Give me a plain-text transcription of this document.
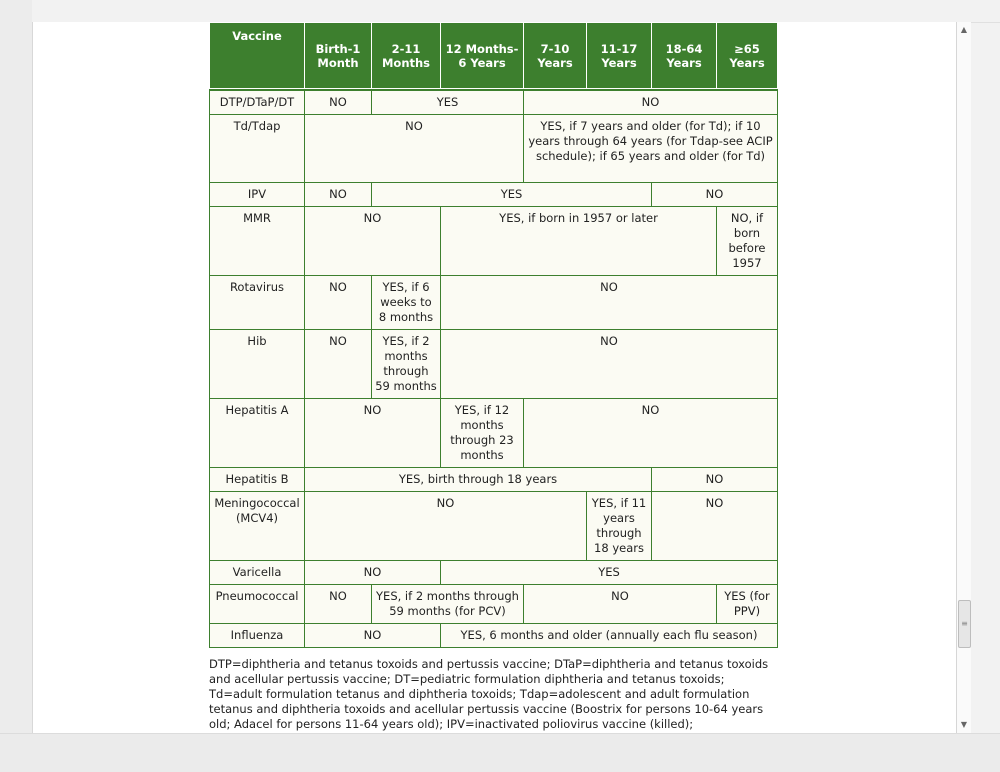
Vaccine	Birth-1 Month	2-11 Months	12 Months-6 Years	7-10 Years	11-17 Years	18-64 Years	≥65 Years

DTP/DTaP/DT	NO	YES		NO			
Td/Tdap	NO			YES, if 7 years and older (for Td); if 10 years through 64 years (for Tdap-see ACIP schedule); if 65 years and older (for Td)			
IPV	NO	YES				NO	
MMR	NO		YES, if born in 1957 or later				NO, if born before 1957
Rotavirus	NO	YES, if 6 weeks to 8 months	NO				
Hib	NO	YES, if 2 months through 59 months	NO				
Hepatitis A	NO		YES, if 12 months through 23 months	NO			
Hepatitis B	YES, birth through 18 years					NO	
Meningococcal (MCV4)	NO				YES, if 11 years through 18 years	NO	
Varicella	NO		YES				
Pneumococcal	NO	YES, if 2 months through 59 months (for PCV)		NO			YES (for PPV)
Influenza	NO		YES, 6 months and older (annually each flu season)				
DTP=diphtheria and tetanus toxoids and pertussis vaccine; DTaP=diphtheria and tetanus toxoids and acellular pertussis vaccine; DT=pediatric formulation diphtheria and tetanus toxoids; Td=adult formulation tetanus and diphtheria toxoids; Tdap=adolescent and adult formulation tetanus and diphtheria toxoids and acellular pertussis vaccine (Boostrix for persons 10-64 years old; Adacel for persons 11-64 years old); IPV=inactivated poliovirus vaccine (killed);
▲
≡
▼
